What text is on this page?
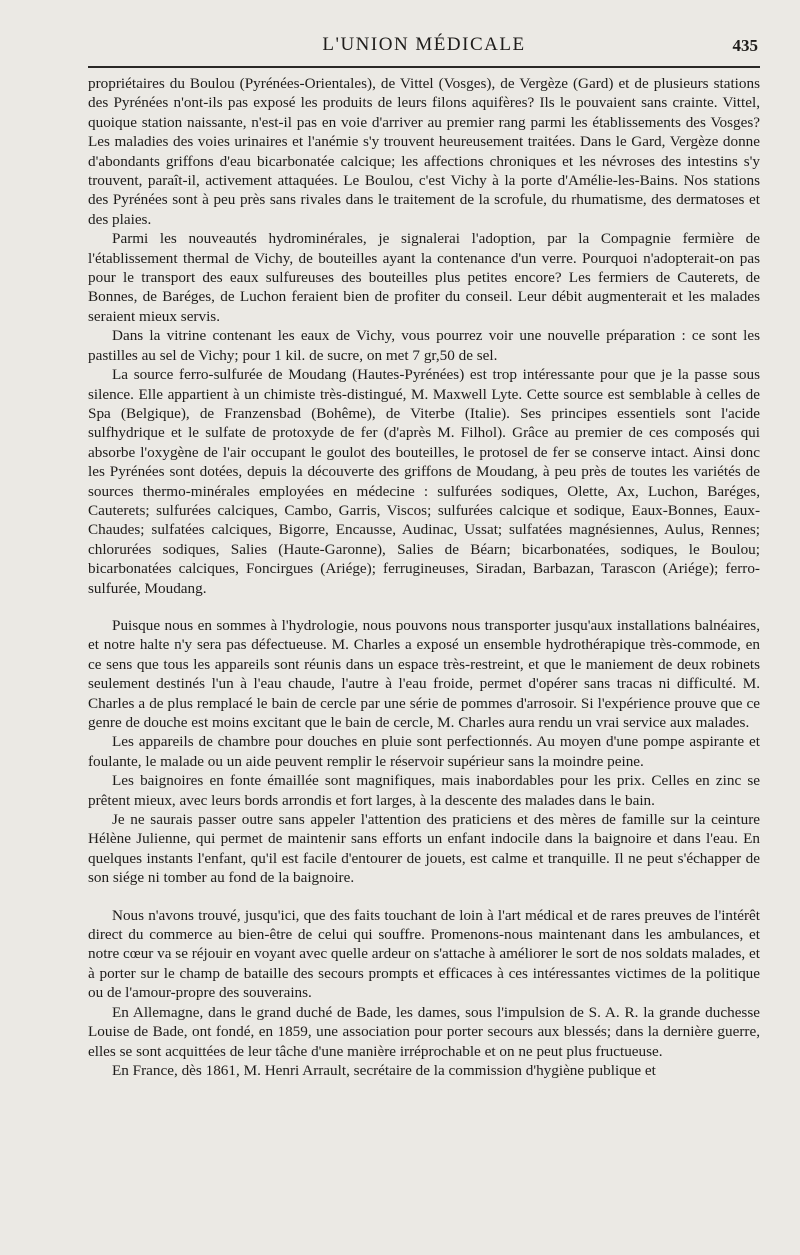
L'UNION MÉDICALE	435

propriétaires du Boulou (Pyrénées-Orientales), de Vittel (Vosges), de Vergèze (Gard) et de plusieurs stations des Pyrénées n'ont-ils pas exposé les produits de leurs filons aquifères? Ils le pouvaient sans crainte. Vittel, quoique station naissante, n'est-il pas en voie d'arriver au premier rang parmi les établissements des Vosges? Les maladies des voies urinaires et l'anémie s'y trouvent heureusement traitées. Dans le Gard, Vergèze donne d'abondants griffons d'eau bicarbonatée calcique; les affections chroniques et les névroses des intestins s'y trouvent, paraît-il, activement attaquées. Le Boulou, c'est Vichy à la porte d'Amélie-les-Bains. Nos stations des Pyrénées sont à peu près sans rivales dans le traitement de la scrofule, du rhumatisme, des dermatoses et des plaies.

Parmi les nouveautés hydrominérales, je signalerai l'adoption, par la Compagnie fermière de l'établissement thermal de Vichy, de bouteilles ayant la contenance d'un verre. Pourquoi n'adopterait-on pas pour le transport des eaux sulfureuses des bouteilles plus petites encore? Les fermiers de Cauterets, de Bonnes, de Baréges, de Luchon feraient bien de profiter du conseil. Leur débit augmenterait et les malades seraient mieux servis.

Dans la vitrine contenant les eaux de Vichy, vous pourrez voir une nouvelle préparation : ce sont les pastilles au sel de Vichy; pour 1 kil. de sucre, on met 7 gr,50 de sel.

La source ferro-sulfurée de Moudang (Hautes-Pyrénées) est trop intéressante pour que je la passe sous silence. Elle appartient à un chimiste très-distingué, M. Maxwell Lyte. Cette source est semblable à celles de Spa (Belgique), de Franzensbad (Bohême), de Viterbe (Italie). Ses principes essentiels sont l'acide sulfhydrique et le sulfate de protoxyde de fer (d'après M. Filhol). Grâce au premier de ces composés qui absorbe l'oxygène de l'air occupant le goulot des bouteilles, le protosel de fer se conserve intact. Ainsi donc les Pyrénées sont dotées, depuis la découverte des griffons de Moudang, à peu près de toutes les variétés de sources thermo-minérales employées en médecine : sulfurées sodiques, Olette, Ax, Luchon, Baréges, Cauterets; sulfurées calciques, Cambo, Garris, Viscos; sulfurées calcique et sodique, Eaux-Bonnes, Eaux-Chaudes; sulfatées calciques, Bigorre, Encausse, Audinac, Ussat; sulfatées magnésiennes, Aulus, Rennes; chlorurées sodiques, Salies (Haute-Garonne), Salies de Béarn; bicarbonatées, sodiques, le Boulou; bicarbonatées calciques, Foncirgues (Ariége); ferrugineuses, Siradan, Barbazan, Tarascon (Ariége); ferro-sulfurée, Moudang.

Puisque nous en sommes à l'hydrologie, nous pouvons nous transporter jusqu'aux installations balnéaires, et notre halte n'y sera pas défectueuse. M. Charles a exposé un ensemble hydrothérapique très-commode, en ce sens que tous les appareils sont réunis dans un espace très-restreint, et que le maniement de deux robinets seulement destinés l'un à l'eau chaude, l'autre à l'eau froide, permet d'opérer sans tracas ni difficulté. M. Charles a de plus remplacé le bain de cercle par une série de pommes d'arrosoir. Si l'expérience prouve que ce genre de douche est moins excitant que le bain de cercle, M. Charles aura rendu un vrai service aux malades.

Les appareils de chambre pour douches en pluie sont perfectionnés. Au moyen d'une pompe aspirante et foulante, le malade ou un aide peuvent remplir le réservoir supérieur sans la moindre peine.

Les baignoires en fonte émaillée sont magnifiques, mais inabordables pour les prix. Celles en zinc se prêtent mieux, avec leurs bords arrondis et fort larges, à la descente des malades dans le bain.

Je ne saurais passer outre sans appeler l'attention des praticiens et des mères de famille sur la ceinture Hélène Julienne, qui permet de maintenir sans efforts un enfant indocile dans la baignoire et dans l'eau. En quelques instants l'enfant, qu'il est facile d'entourer de jouets, est calme et tranquille. Il ne peut s'échapper de son siége ni tomber au fond de la baignoire.

Nous n'avons trouvé, jusqu'ici, que des faits touchant de loin à l'art médical et de rares preuves de l'intérêt direct du commerce au bien-être de celui qui souffre. Promenons-nous maintenant dans les ambulances, et notre cœur va se réjouir en voyant avec quelle ardeur on s'attache à améliorer le sort de nos soldats malades, et à porter sur le champ de bataille des secours prompts et efficaces à ces intéressantes victimes de la politique ou de l'amour-propre des souverains.

En Allemagne, dans le grand duché de Bade, les dames, sous l'impulsion de S. A. R. la grande duchesse Louise de Bade, ont fondé, en 1859, une association pour porter secours aux blessés; dans la dernière guerre, elles se sont acquittées de leur tâche d'une manière irréprochable et on ne peut plus fructueuse.

En France, dès 1861, M. Henri Arrault, secrétaire de la commission d'hygiène publique et
